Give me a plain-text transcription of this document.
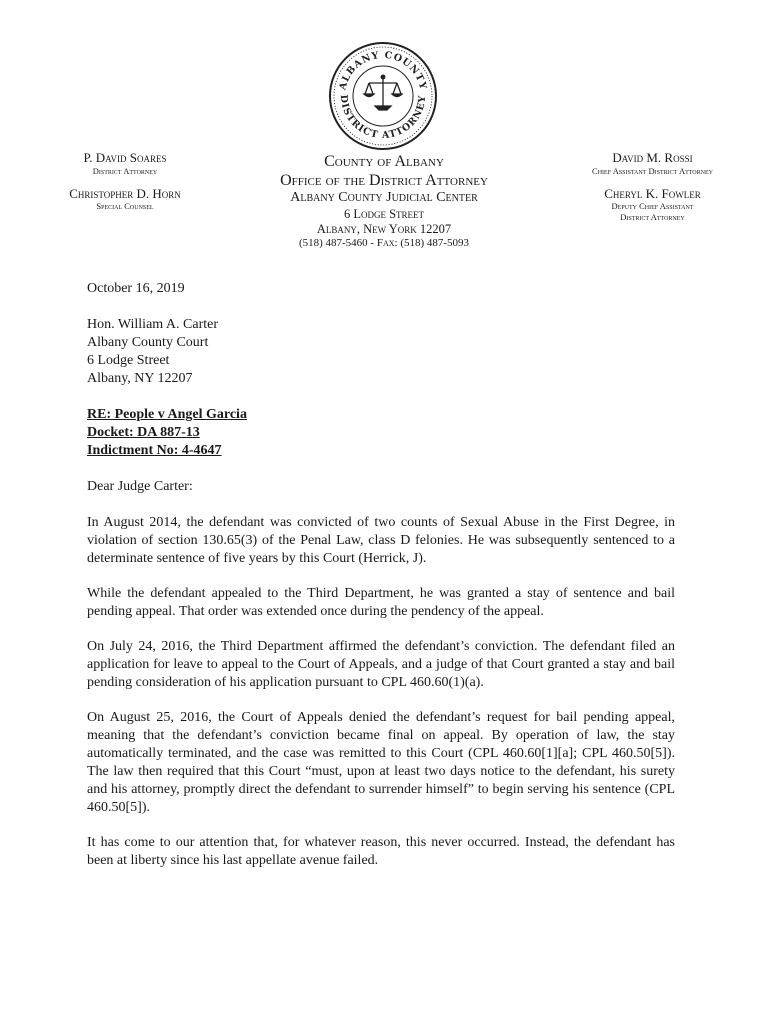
ALBANY COUNTY
DISTRICT ATTORNEY
P. David Soares
District Attorney
Christopher D. Horn
Special Counsel
County of Albany
Office of the District Attorney
Albany County Judicial Center
6 Lodge Street
Albany, New York 12207
(518) 487-5460 - Fax: (518) 487-5093
David M. Rossi
Chief Assistant District Attorney
Cheryl K. Fowler
Deputy Chief Assistant
District Attorney

October 16, 2019

Hon. William A. Carter
Albany County Court
6 Lodge Street
Albany, NY 12207
RE: People v Angel Garcia
Docket: DA 887-13
Indictment No: 4-4647

Dear Judge Carter:

In August 2014, the defendant was convicted of two counts of Sexual Abuse in the First Degree, in violation of section 130.65(3) of the Penal Law, class D felonies. He was subsequently sentenced to a determinate sentence of five years by this Court (Herrick, J).

While the defendant appealed to the Third Department, he was granted a stay of sentence and bail pending appeal. That order was extended once during the pendency of the appeal.

On July 24, 2016, the Third Department affirmed the defendant’s conviction. The defendant filed an application for leave to appeal to the Court of Appeals, and a judge of that Court granted a stay and bail pending consideration of his application pursuant to CPL 460.60(1)(a).

On August 25, 2016, the Court of Appeals denied the defendant’s request for bail pending appeal, meaning that the defendant’s conviction became final on appeal. By operation of law, the stay automatically terminated, and the case was remitted to this Court (CPL 460.60[1][a]; CPL 460.50[5]). The law then required that this Court “must, upon at least two days notice to the defendant, his surety and his attorney, promptly direct the defendant to surrender himself” to begin serving his sentence (CPL 460.50[5]).

It has come to our attention that, for whatever reason, this never occurred. Instead, the defendant has been at liberty since his last appellate avenue failed.
